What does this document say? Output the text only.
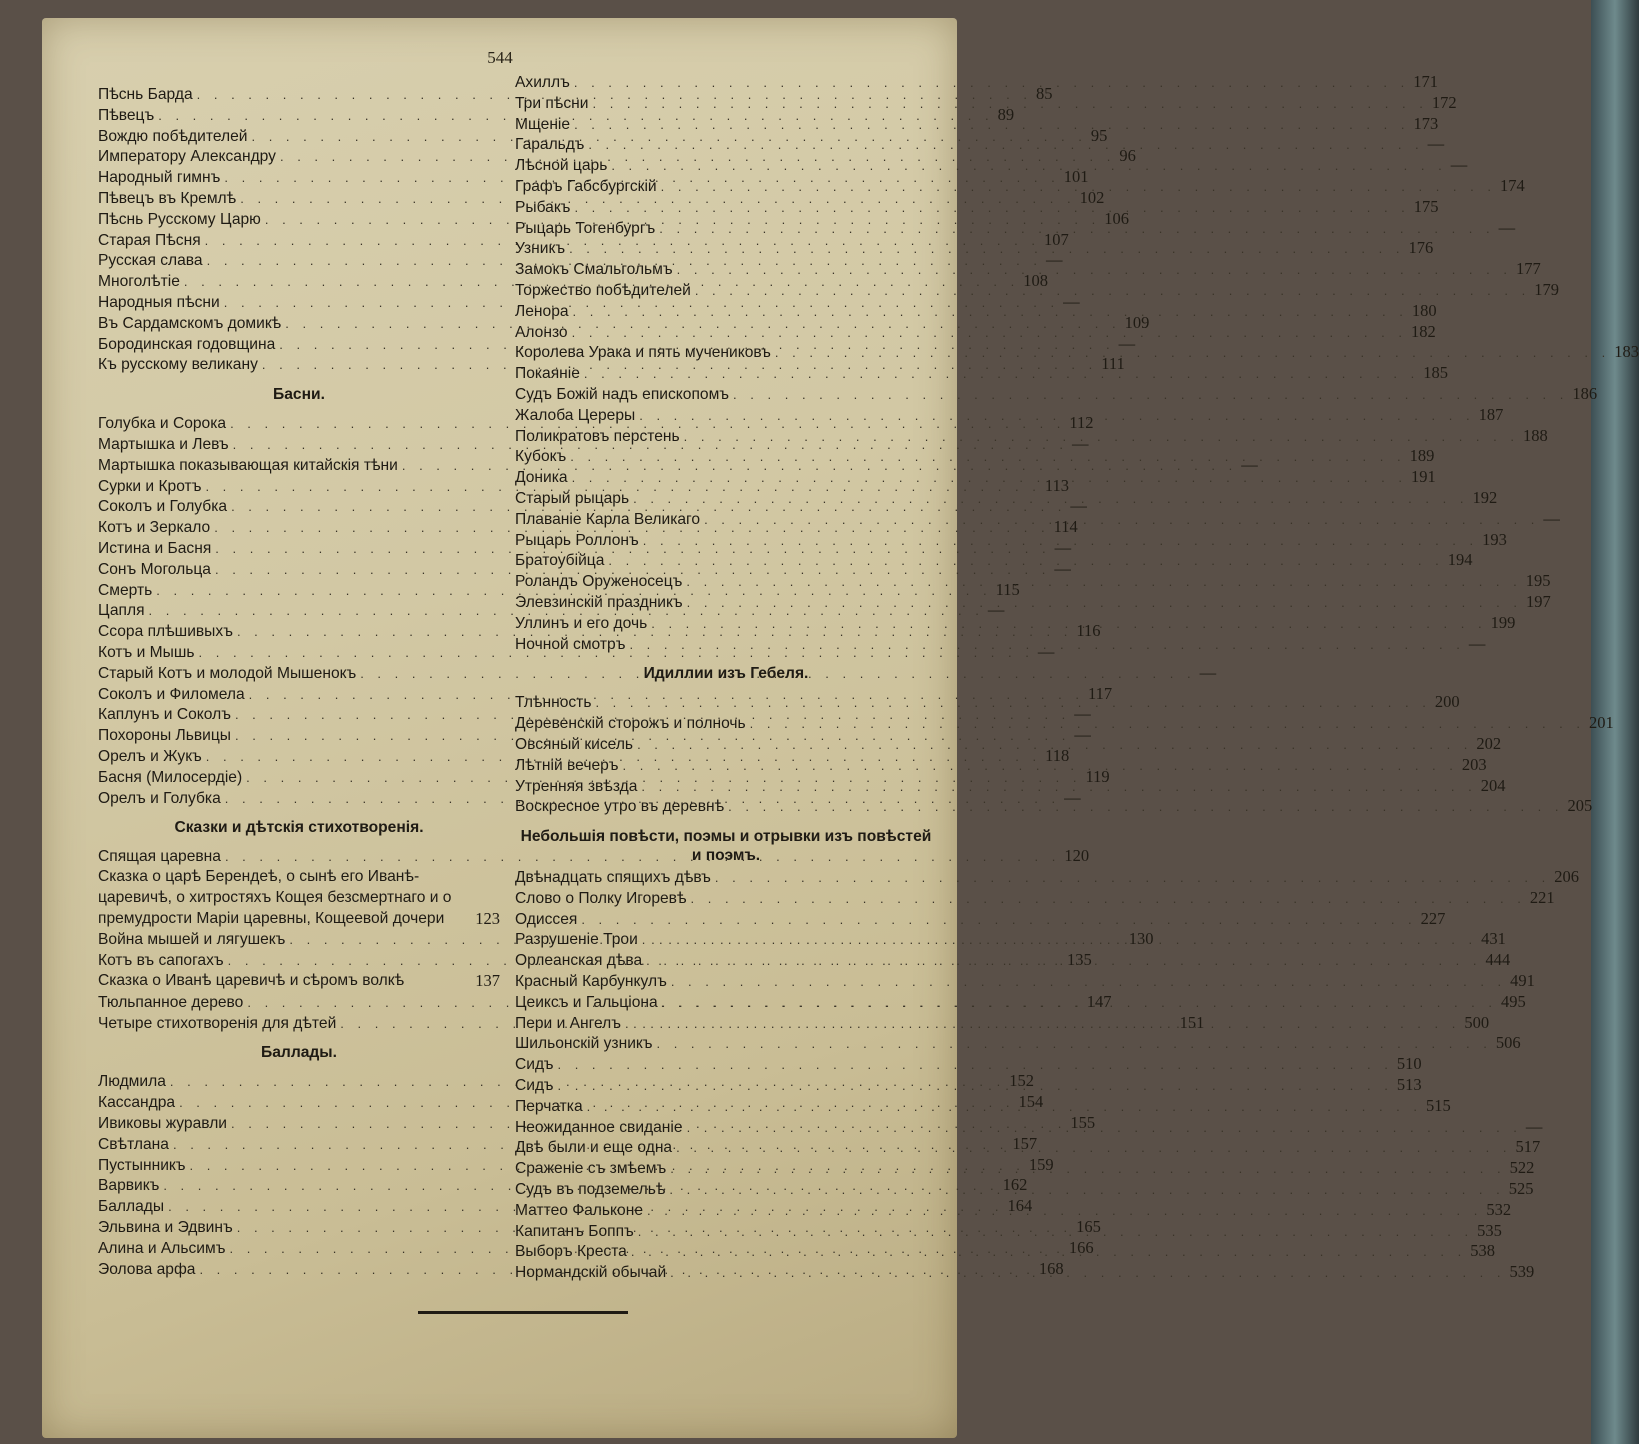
544
Пѣснь Барда . . .	85
Пѣвецъ . . .	89
Вождю побѣдителей . . .	95
Императору Александру . . .	96
Народный гимнъ . . .	101
Пѣвецъ въ Кремлѣ . . .	102
Пѣснь Русскому Царю . . .	106
Старая Пѣсня . . .	107
Русская слава . . .	—
Многолѣтіе . . .	108
Народныя пѣсни . . .	—
Въ Сардамскомъ домикѣ . . .	109
Бородинская годовщина . . .	—
Къ русскому великану . . .	111
Басни.
Голубка и Сорока . . .	112
Мартышка и Левъ . . .	—
Мартышка показывающая китайскія тѣни . . .	—
Сурки и Кротъ . . .	113
Соколъ и Голубка . . .	—
Котъ и Зеркало . . .	114
Истина и Басня . . .	—
Сонъ Могольца . . .	—
Смерть . . .	115
Цапля . . .	—
Ссора плѣшивыхъ . . .	116
Котъ и Мышь . . .	—
Старый Котъ и молодой Мышенокъ . . .	—
Соколъ и Филомела . . .	117
Каплунъ и Соколъ . . .	—
Похороны Львицы . . .	—
Орелъ и Жукъ . . .	118
Басня (Милосердіе) . . .	119
Орелъ и Голубка . . .	—
Сказки и дѣтскія стихотворенія.
Спящая царевна . . .	120
Сказка о царѣ Берендеѣ, о сынѣ его Иванѣ-царевичѣ, о хитростяхъ Кощея безсмертнаго и о премудрости Маріи царевны, Кощеевой дочери 123
Война мышей и лягушекъ . . .	130
Котъ въ сапогахъ . . .	135
Сказка о Иванѣ царевичѣ и сѣромъ волкѣ	137
Тюльпанное дерево . . .	147
Четыре стихотворенія для дѣтей . . .	151
Баллады.
Людмила . . .	152
Кассандра . . .	154
Ивиковы журавли . . .	155
Свѣтлана . . .	157
Пустынникъ . . .	159
Варвикъ . . .	162
Баллады . . .	164
Эльвина и Эдвинъ . . .	165
Алина и Альсимъ . . .	166
Эолова арфа . . .	168
Ахиллъ . . .	171
Три пѣсни . . .	172
Мщеніе . . .	173
Гаральдъ . . .	—
Лѣсной царь . . .	—
Графъ Габсбургскій . . .	174
Рыбакъ . . .	175
Рыцарь Тогенбургъ . . .	—
Узникъ . . .	176
Замокъ Смальгольмъ . . .	177
Торжество побѣдителей . . .	179
Ленора . . .	180
Алонзо . . .	182
Королева Урака и пять мучениковъ . . .	183
Покаяніе . . .	185
Судъ Божій надъ епископомъ . . .	186
Жалоба Цереры . . .	187
Поликратовъ перстень . . .	188
Кубокъ . . .	189
Доника . . .	191
Старый рыцарь . . .	192
Плаваніе Карла Великаго . . .	—
Рыцарь Роллонъ . . .	193
Братоубійца . . .	194
Роландъ Оруженосецъ . . .	195
Элевзинскій праздникъ . . .	197
Уллинъ и его дочь . . .	199
Ночной смотръ . . .	—
Идиллии изъ Гебеля.
Тлѣнность . . .	200
Деревенскій сторожъ и полночь . . .	201
Овсяный кисель . . .	202
Лѣтній вечеръ . . .	203
Утренняя звѣзда . . .	204
Воскресное утро въ деревнѣ . . .	205
Небольшія повѣсти, поэмы и отрывки изъ повѣстей и поэмъ.
Двѣнадцать спящихъ дѣвъ . . .	206
Слово о Полку Игоревѣ . . .	221
Одиссея . . .	227
Разрушеніе Трои . . .	431
Орлеанская дѣва . . .	444
Красный Карбункулъ . . .	491
Цеиксъ и Гальціона . . .	495
Пери и Ангелъ . . .	500
Шильонскій узникъ . . .	506
Сидъ . . .	510
Сидъ . . .	513
Перчатка . . .	515
Неожиданное свиданіе . . .	—
Двѣ были и еще одна . . .	517
Сраженіе съ змѣемъ . . .	522
Судъ въ подземельѣ . . .	525
Маттео Фальконе . . .	532
Капитанъ Боппъ . . .	535
Выборъ Креста . . .	538
Нормандскій обычай . . .	539
